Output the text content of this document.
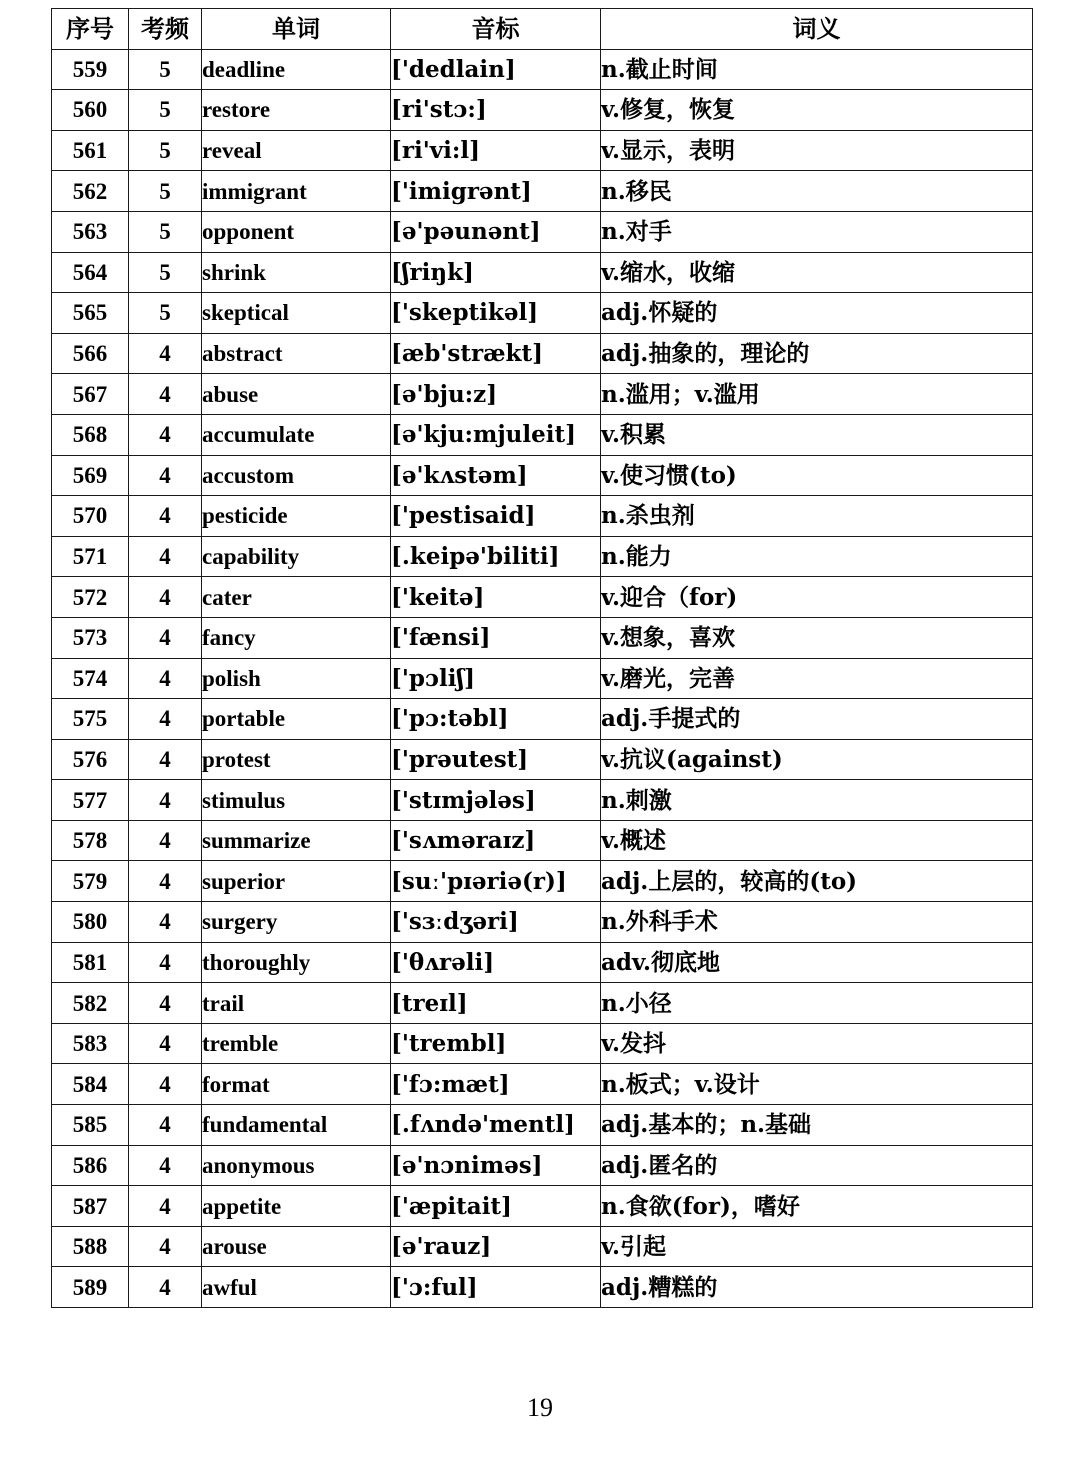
序号	考频	单词	音标	词义
559	5	deadline	['dedlain]	n.截止时间
560	5	restore	[ri'stɔ:]	v.修复，恢复
561	5	reveal	[ri'vi:l]	v.显示，表明
562	5	immigrant	['imigrәnt]	n.移民
563	5	opponent	[ә'pәunәnt]	n.对手
564	5	shrink	[ʃriŋk]	v.缩水，收缩
565	5	skeptical	['skeptikәl]	adj.怀疑的
566	4	abstract	[æb'strækt]	adj.抽象的，理论的
567	4	abuse	[ә'bju:z]	n.滥用；v.滥用
568	4	accumulate	[ә'kju:mjuleit]	v.积累
569	4	accustom	[ә'kʌstәm]	v.使习惯(to)
570	4	pesticide	['pestisaid]	n.杀虫剂
571	4	capability	[.keipә'biliti]	n.能力
572	4	cater	['keitә]	v.迎合（for)
573	4	fancy	['fænsi]	v.想象，喜欢
574	4	polish	['pɔliʃ]	v.磨光，完善
575	4	portable	['pɔ:tәbl]	adj.手提式的
576	4	protest	['prәutest]	v.抗议(against)
577	4	stimulus	['stɪmjәlәs]	n.刺激
578	4	summarize	['sʌmәraɪz]	v.概述
579	4	superior	[suː'pɪәriә(r)]	adj.上层的，较高的(to)
580	4	surgery	['sɜːdʒәri]	n.外科手术
581	4	thoroughly	['θʌrәli]	adv.彻底地
582	4	trail	[treɪl]	n.小径
583	4	tremble	['trembl]	v.发抖
584	4	format	['fɔ:mæt]	n.板式；v.设计
585	4	fundamental	[.fʌndә'mentl]	adj.基本的；n.基础
586	4	anonymous	[ә'nɔnimәs]	adj.匿名的
587	4	appetite	['æpitait]	n.食欲(for)，嗜好
588	4	arouse	[ә'rauz]	v.引起
589	4	awful	['ɔ:ful]	adj.糟糕的
19
